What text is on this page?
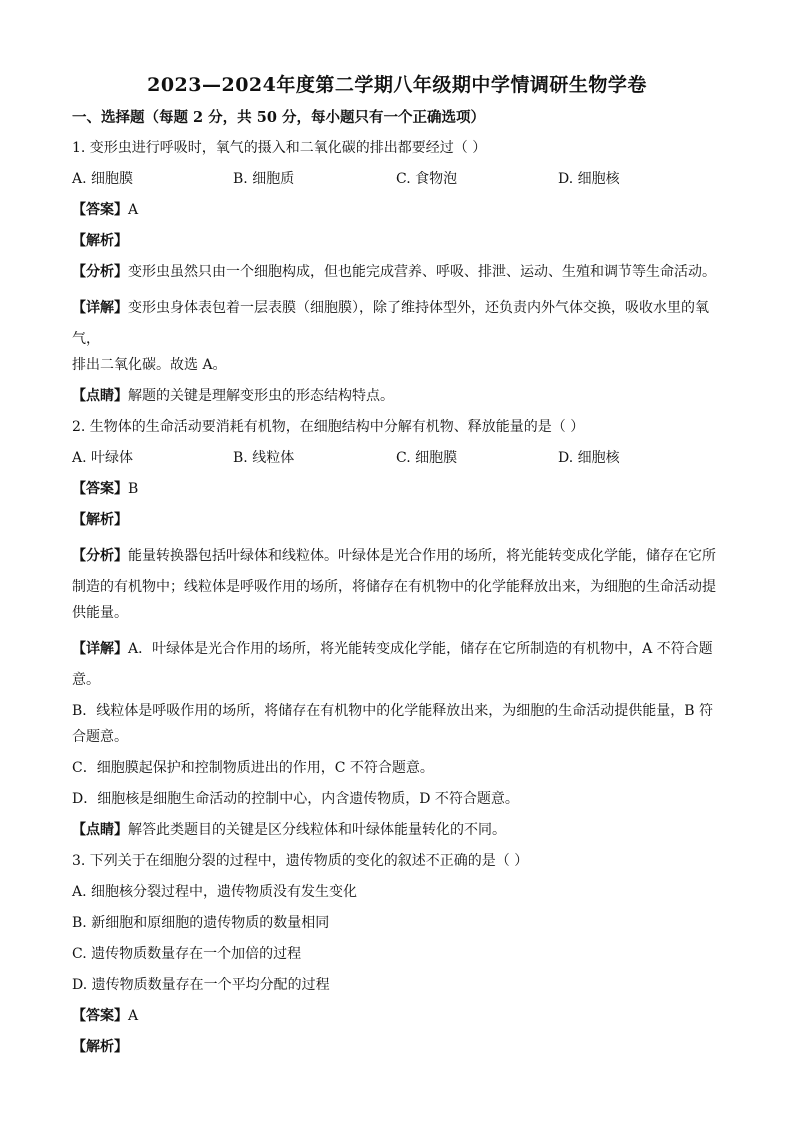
2023—2024年度第二学期八年级期中学情调研生物学卷
一、选择题（每题 2 分，共 50 分，每小题只有一个正确选项）
1. 变形虫进行呼吸时，氧气的摄入和二氧化碳的排出都要经过（ ）
A. 细胞膜	B. 细胞质	C. 食物泡	D. 细胞核
【答案】A
【解析】
【分析】变形虫虽然只由一个细胞构成，但也能完成营养、呼吸、排泄、运动、生殖和调节等生命活动。
【详解】变形虫身体表包着一层表膜（细胞膜），除了维持体型外，还负责内外气体交换，吸收水里的氧气，
排出二氧化碳。故选 A。
【点睛】解题的关键是理解变形虫的形态结构特点。
2. 生物体的生命活动要消耗有机物，在细胞结构中分解有机物、释放能量的是（ ）
A. 叶绿体	B. 线粒体	C. 细胞膜	D. 细胞核
【答案】B
【解析】
【分析】能量转换器包括叶绿体和线粒体。叶绿体是光合作用的场所，将光能转变成化学能，储存在它所
制造的有机物中；线粒体是呼吸作用的场所，将储存在有机物中的化学能释放出来，为细胞的生命活动提
供能量。
【详解】A．叶绿体是光合作用的场所，将光能转变成化学能，储存在它所制造的有机物中，A 不符合题意。
B．线粒体是呼吸作用的场所，将储存在有机物中的化学能释放出来，为细胞的生命活动提供能量，B 符
合题意。
C．细胞膜起保护和控制物质进出的作用，C 不符合题意。
D．细胞核是细胞生命活动的控制中心，内含遗传物质，D 不符合题意。
【点睛】解答此类题目的关键是区分线粒体和叶绿体能量转化的不同。
3. 下列关于在细胞分裂的过程中，遗传物质的变化的叙述不正确的是（ ）
A. 细胞核分裂过程中，遗传物质没有发生变化
B. 新细胞和原细胞的遗传物质的数量相同
C. 遗传物质数量存在一个加倍的过程
D. 遗传物质数量存在一个平均分配的过程
【答案】A
【解析】
